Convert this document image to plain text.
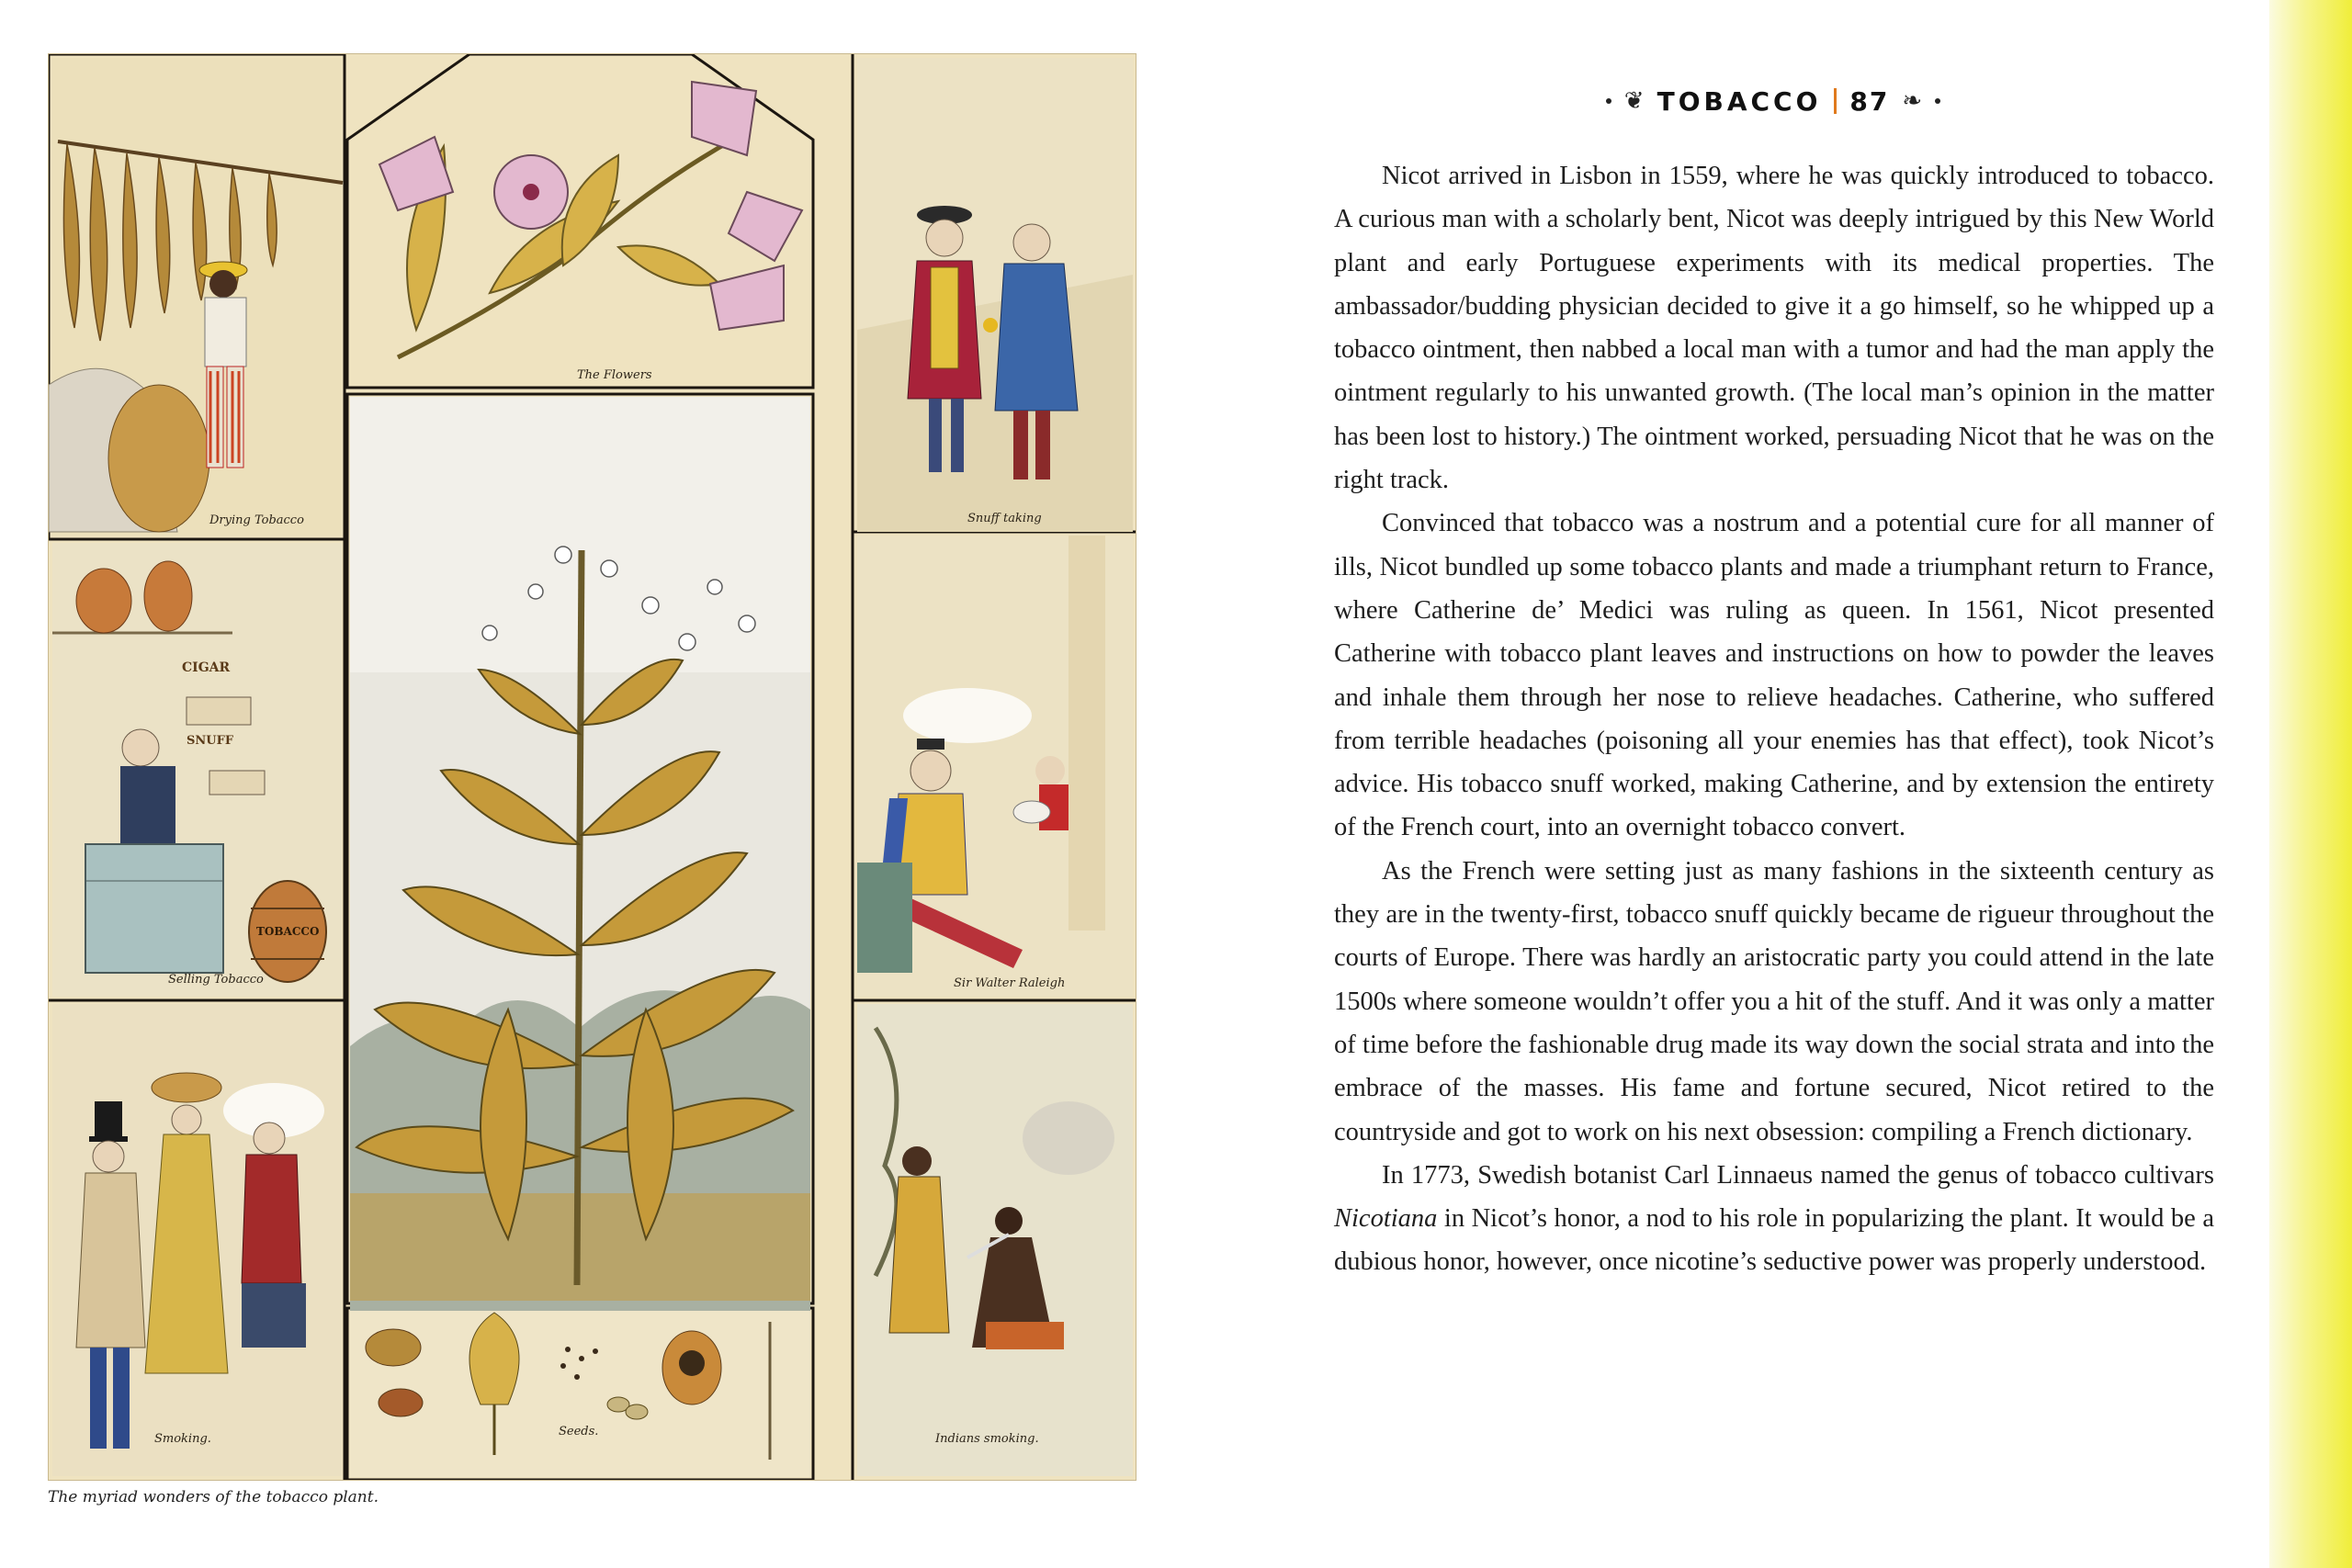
Drying Tobacco
The Flowers
Snuff taking
Selling Tobacco	Sir Walter Raleigh
Smoking.
Seeds.
Indians smoking.
CIGAR
SNUFF
TOBACCO
The myriad wonders of the tobacco plant.
❦ TOBACCO 87 ❧

Nicot arrived in Lisbon in 1559, where he was quickly introduced to tobacco. A curious man with a scholarly bent, Nicot was deeply intrigued by this New World plant and early Portuguese experiments with its medical properties. The ambassador/budding physician decided to give it a go himself, so he whipped up a tobacco ointment, then nabbed a local man with a tumor and had the man apply the ointment regularly to his unwanted growth. (The local man’s opinion in the matter has been lost to history.) The ointment worked, persuading Nicot that he was on the right track.

Convinced that tobacco was a nostrum and a potential cure for all manner of ills, Nicot bundled up some tobacco plants and made a triumphant return to France, where Catherine de’ Medici was ruling as queen. In 1561, Nicot presented Catherine with tobacco plant leaves and instructions on how to powder the leaves and inhale them through her nose to relieve headaches. Catherine, who suffered from terrible headaches (poisoning all your enemies has that effect), took Nicot’s advice. His tobacco snuff worked, making Catherine, and by extension the entirety of the French court, into an overnight tobacco convert.

As the French were setting just as many fashions in the sixteenth century as they are in the twenty-first, tobacco snuff quickly became de rigueur throughout the courts of Europe. There was hardly an aristocratic party you could attend in the late 1500s where someone wouldn’t offer you a hit of the stuff. And it was only a matter of time before the fashionable drug made its way down the social strata and into the embrace of the masses. His fame and fortune secured, Nicot retired to the countryside and got to work on his next obsession: compiling a French dictionary.

In 1773, Swedish botanist Carl Linnaeus named the genus of tobacco cultivars Nicotiana in Nicot’s honor, a nod to his role in popularizing the plant. It would be a dubious honor, however, once nicotine’s seductive power was properly understood.
